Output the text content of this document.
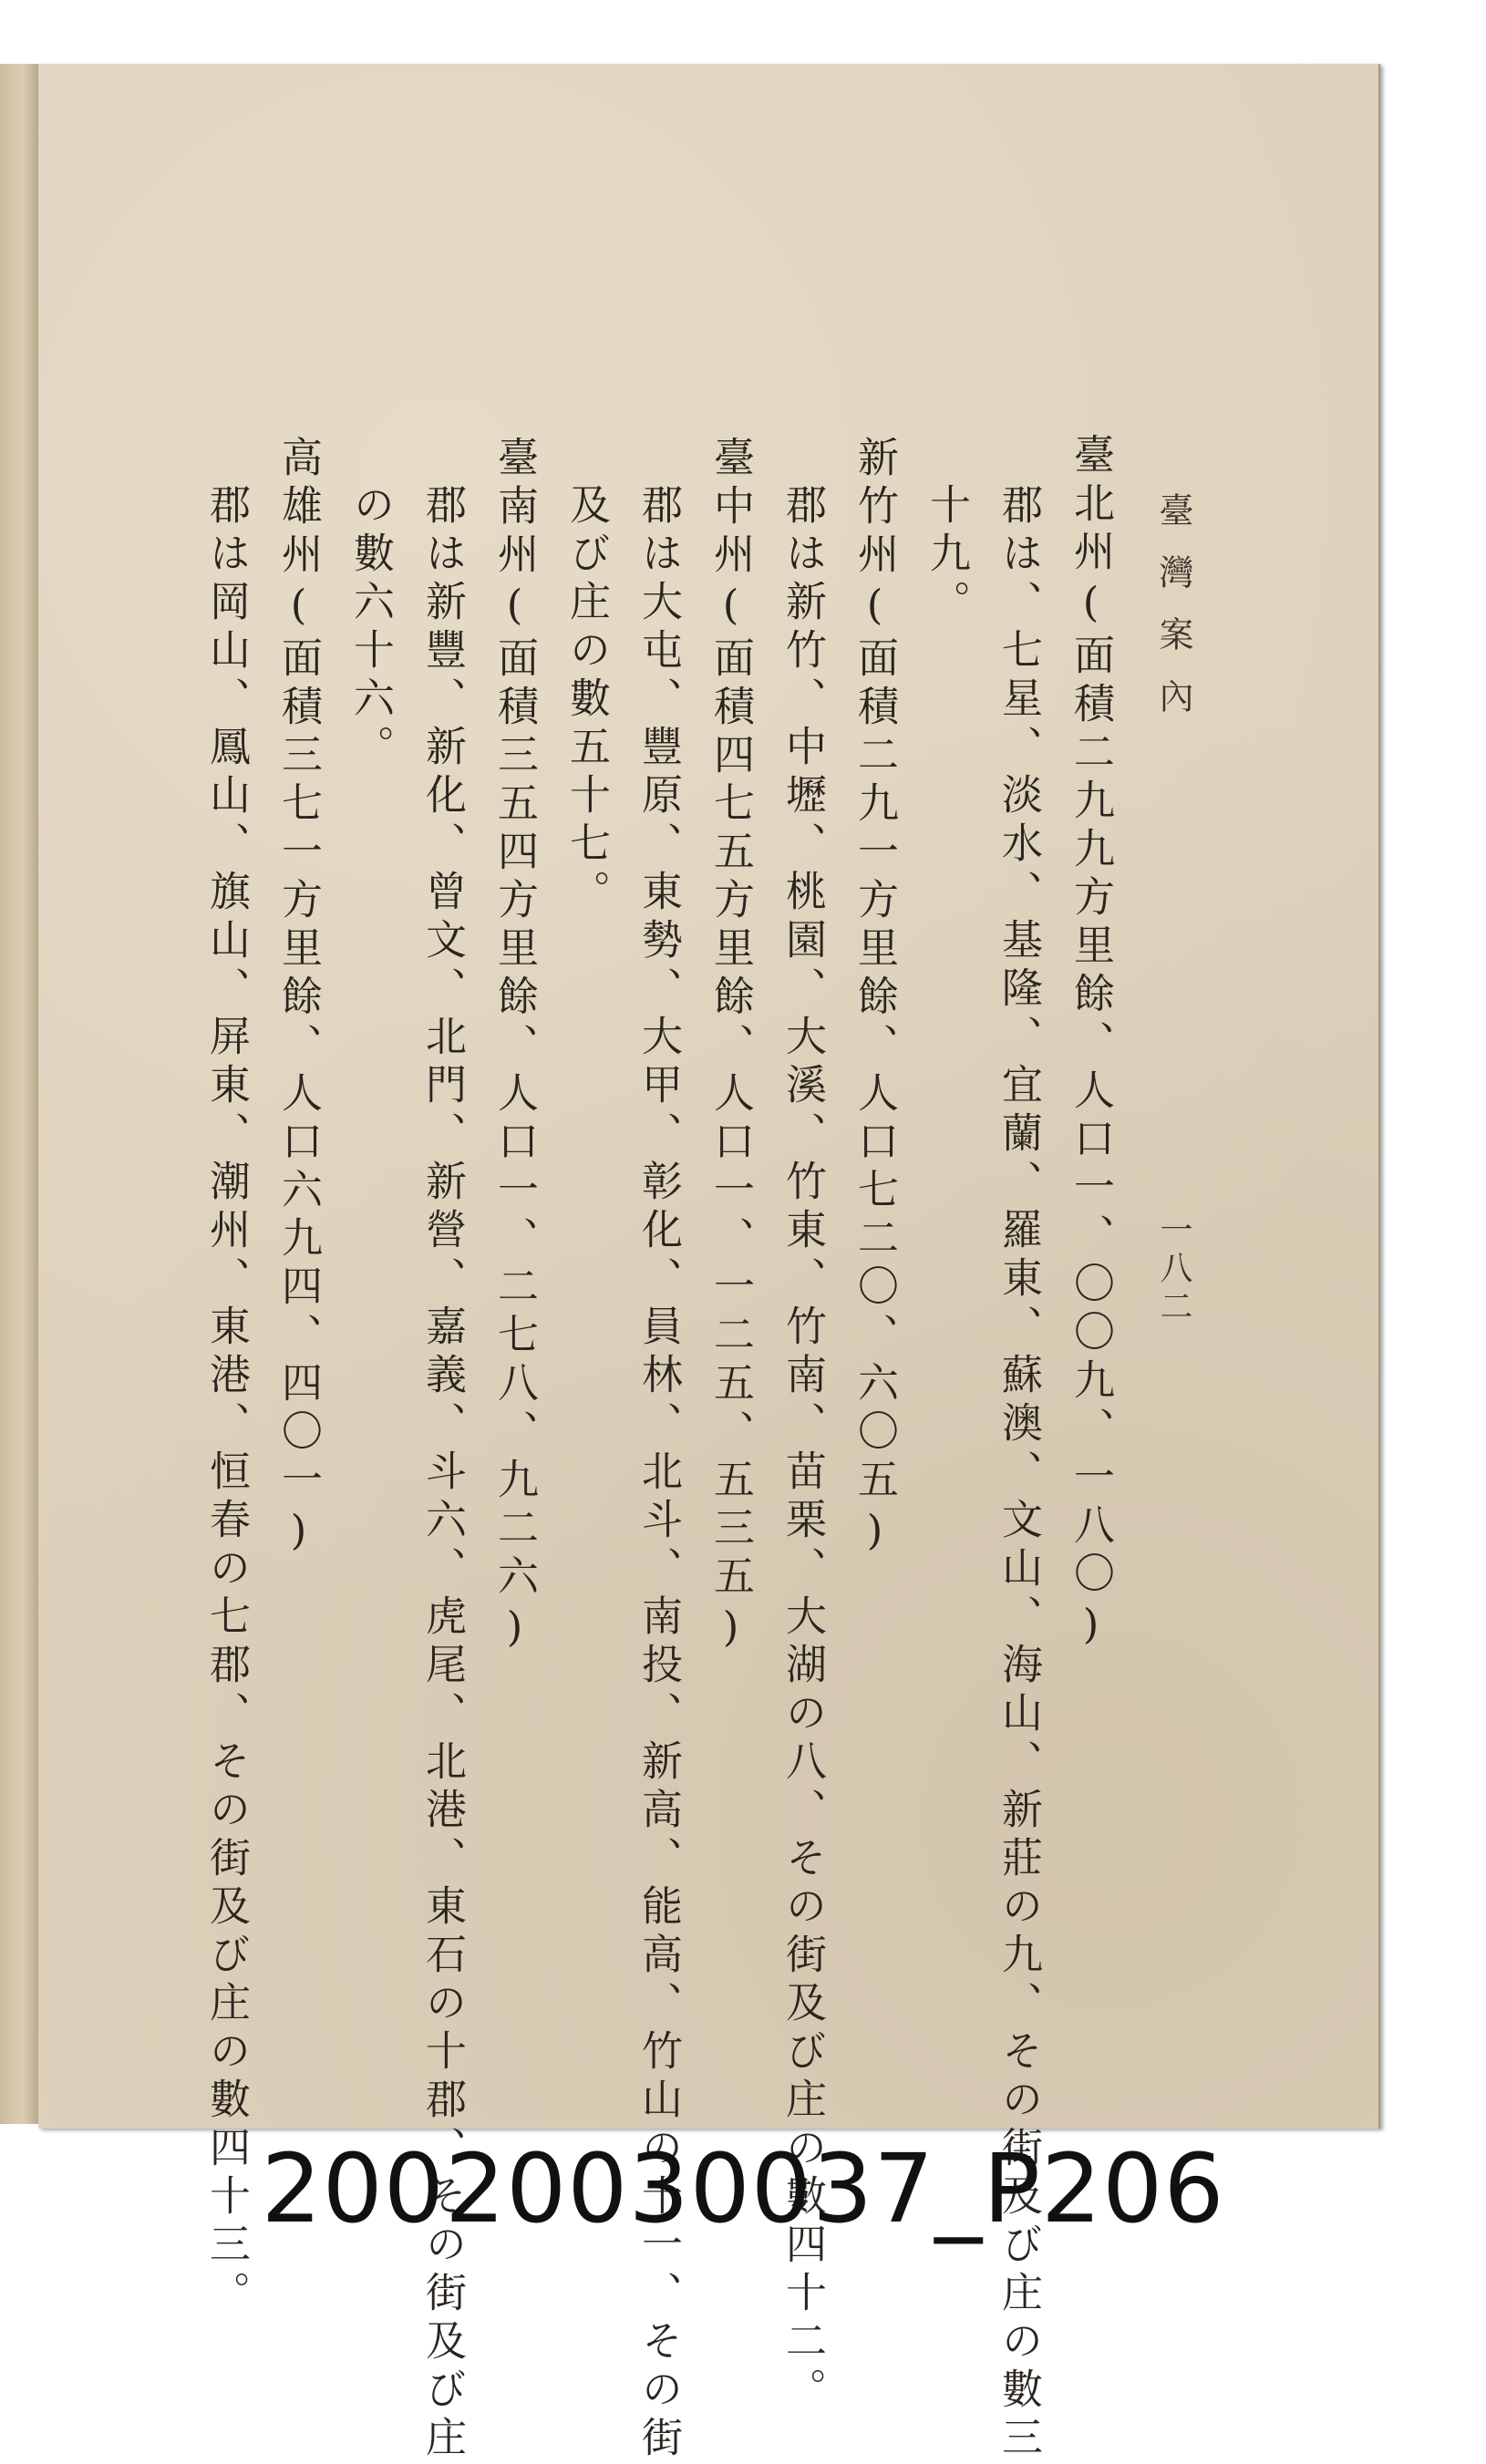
臺灣案內
一八二
臺北州(面積二九九方里餘、人口一、〇〇九、一八〇)
郡は、七星、淡水、基隆、宜蘭、羅東、蘇澳、文山、海山、新莊の九、その街及び庄の數三
十九。
新竹州(面積二九一方里餘、人口七二〇、六〇五)
郡は新竹、中壢、桃園、大溪、竹東、竹南、苗栗、大湖の八、その街及び庄の數四十二。
臺中州(面積四七五方里餘、人口一、一二五、五三五)
郡は大屯、豐原、東勢、大甲、彰化、員林、北斗、南投、新高、能高、竹山の十一、その街
及び庄の數五十七。
臺南州(面積三五四方里餘、人口一、二七八、九二六)
郡は新豐、新化、曾文、北門、新營、嘉義、斗六、虎尾、北港、東石の十郡、その街及び庄
の數六十六。
高雄州(面積三七一方里餘、人口六九四、四〇一)
郡は岡山、鳳山、旗山、屏東、潮州、東港、恒春の七郡、その街及び庄の數四十三。 20020030037_P206
